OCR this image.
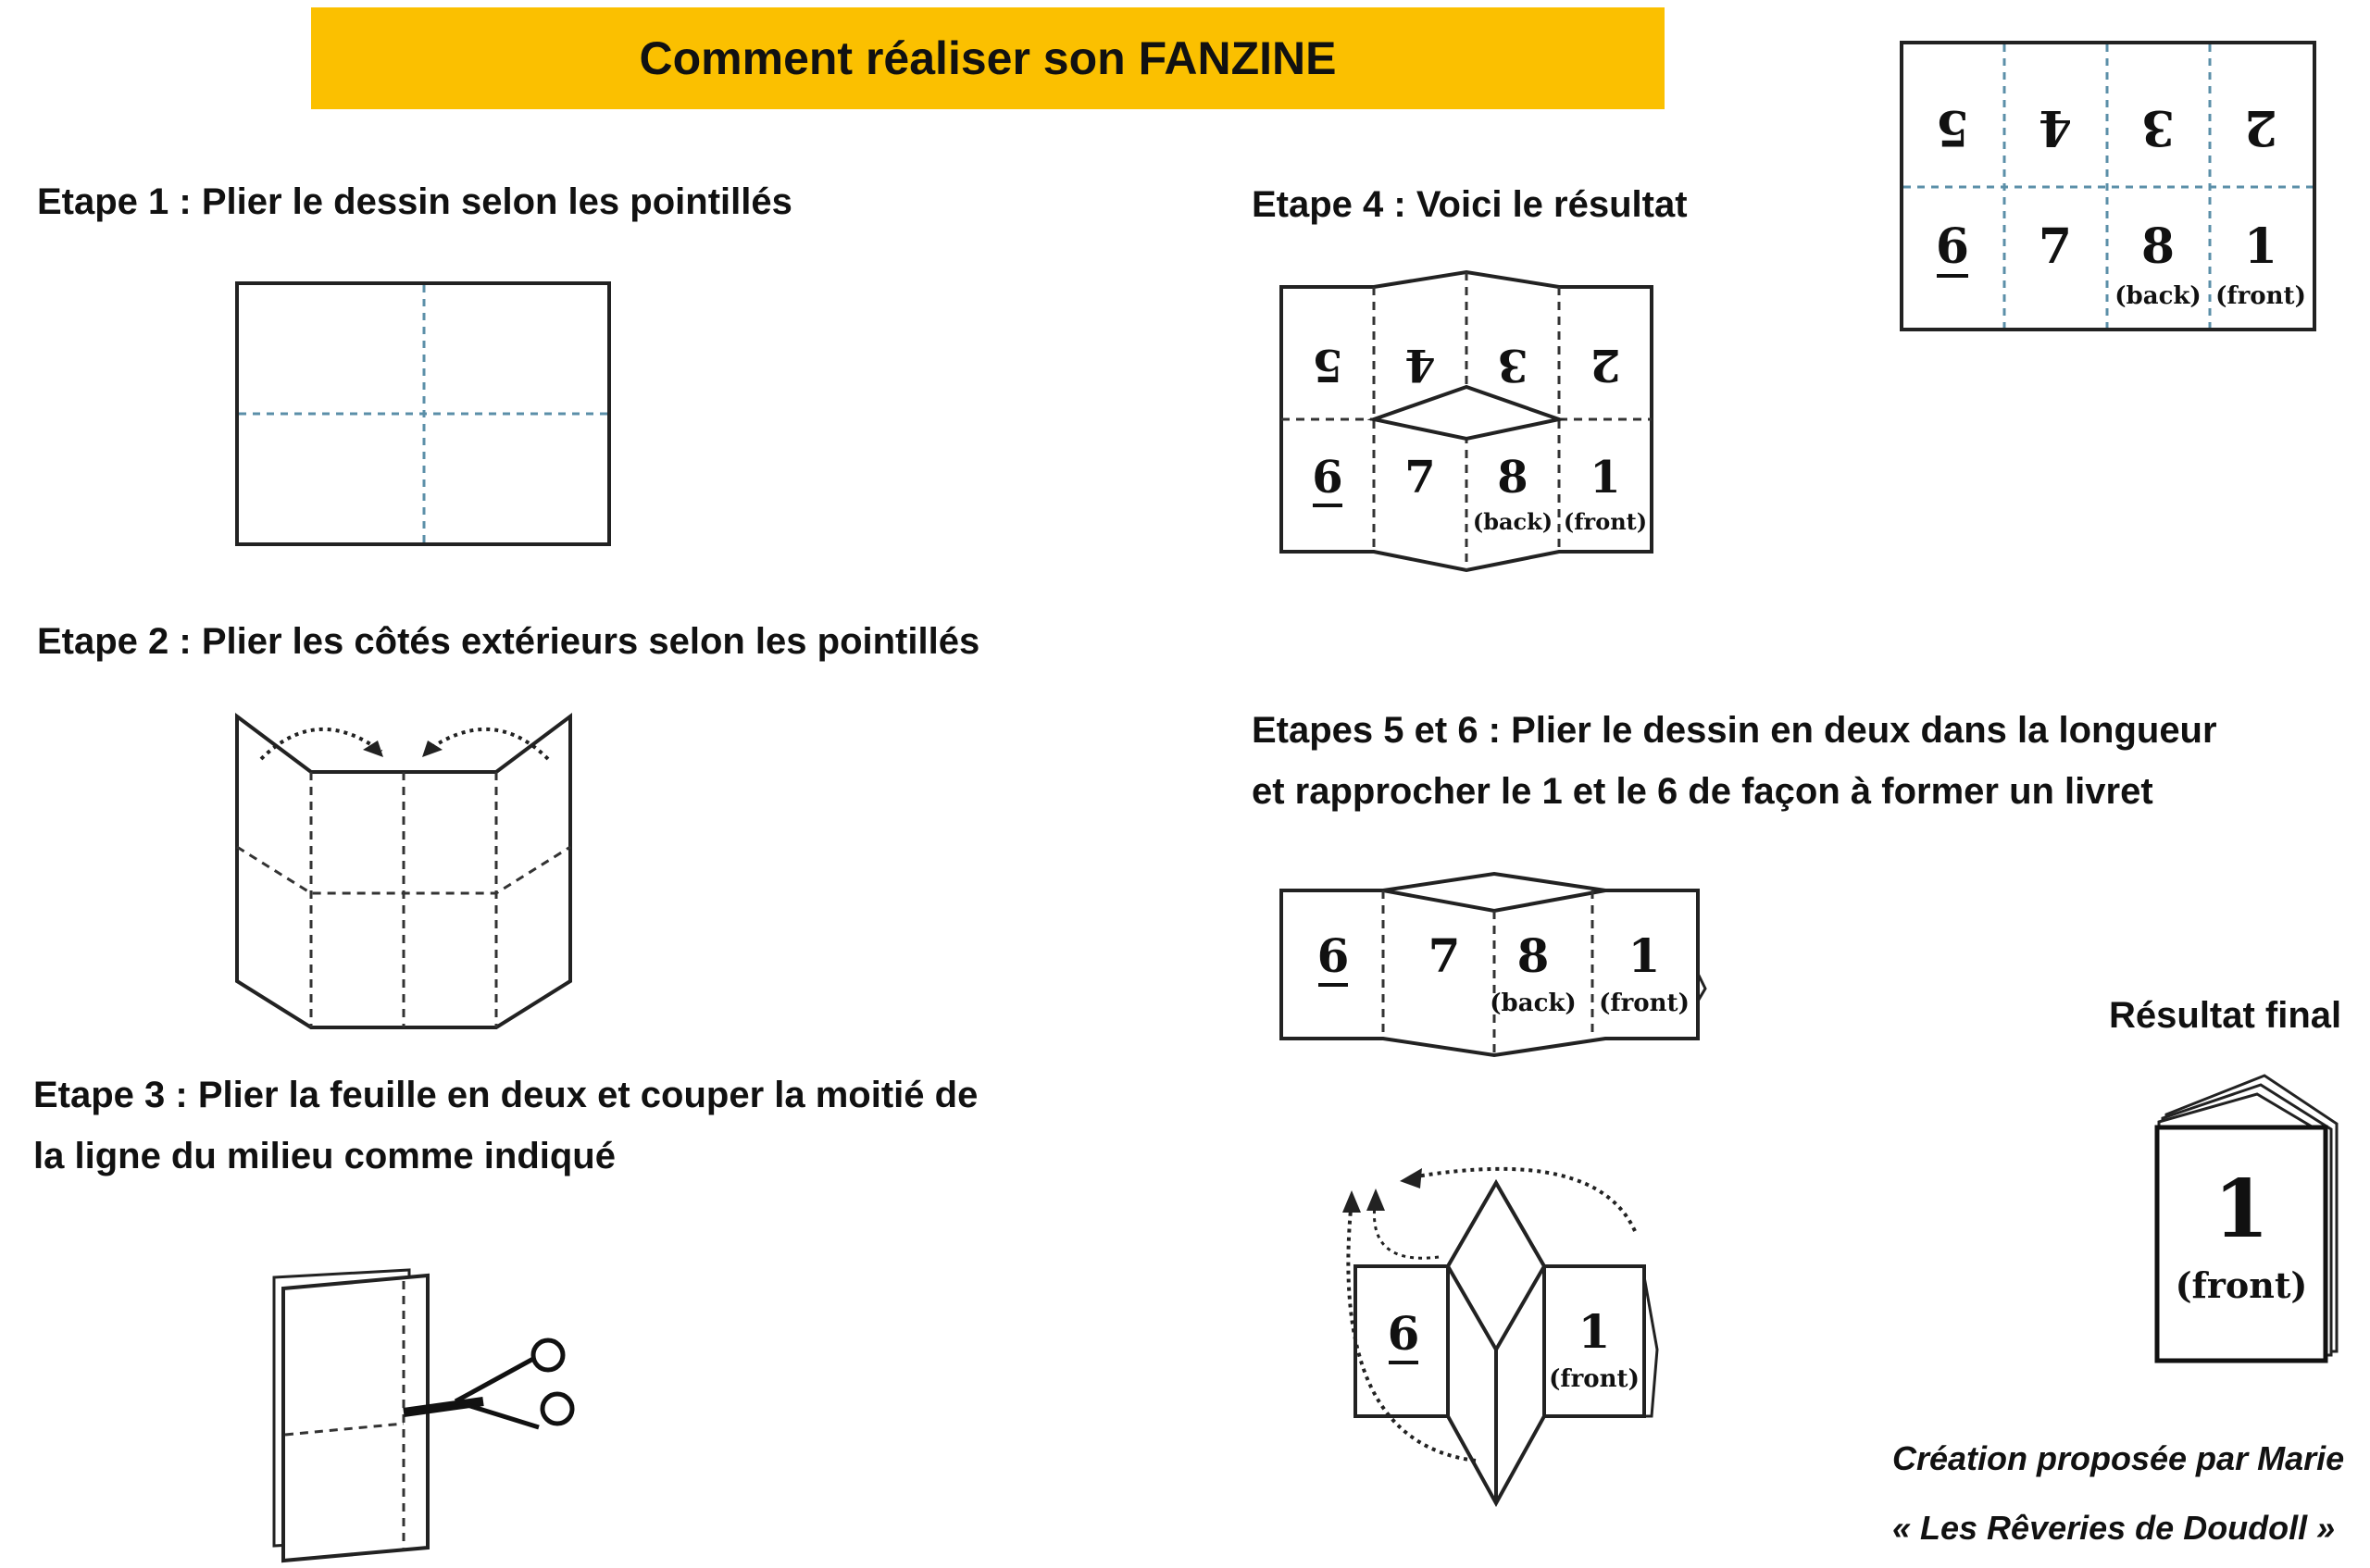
Comment réaliser son FANZINE
Etape 1 : Plier le dessin selon les pointillés
Etape 2 : Plier les côtés extérieurs selon les pointillés
Etape 3 : Plier la feuille en deux et couper la moitié de
la ligne du milieu comme indiqué
Etape 4 : Voici le résultat
Etapes 5 et 6 : Plier le dessin en deux dans la longueur
et rapprocher le 1 et le 6 de façon à former un livret
Résultat final
Création proposée par Marie
« Les Rêveries de Doudoll »
5 4 3 2
6 7 8
(back)
1
(front)
5 4 3 2
6 7 8
(back)
1
(front)
6 7 8
(back)
1
(front)
6	1
(front)
1
(front)
